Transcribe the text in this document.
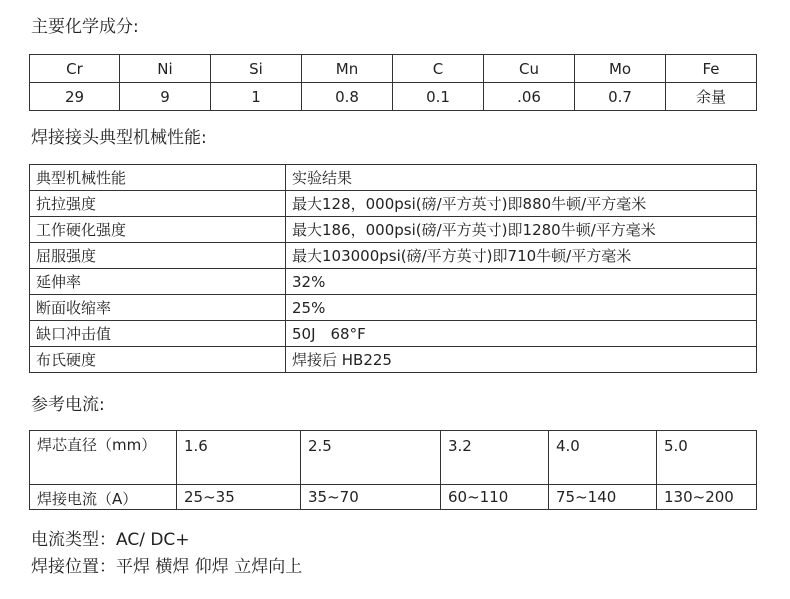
主要化学成分:
Cr	Ni	Si	Mn	C	Cu	Mo	Fe
29	9	1	0.8	0.1	.06	0.7	余量
焊接接头典型机械性能:
典型机械性能	实验结果
抗拉强度	最大128，000psi(磅/平方英寸)即880牛顿/平方毫米
工作硬化强度	最大186，000psi(磅/平方英寸)即1280牛顿/平方毫米
屈服强度	最大103000psi(磅/平方英寸)即710牛顿/平方毫米
延伸率	32%
断面收缩率	25%
缺口冲击值	50J　68°F
布氏硬度	焊接后 HB225
参考电流:
焊芯直径（mm）	1.6	2.5	3.2	4.0	5.0
焊接电流（A）	25~35	35~70	60~110	75~140	130~200
电流类型：AC/ DC+
焊接位置：平焊 横焊 仰焊 立焊向上
